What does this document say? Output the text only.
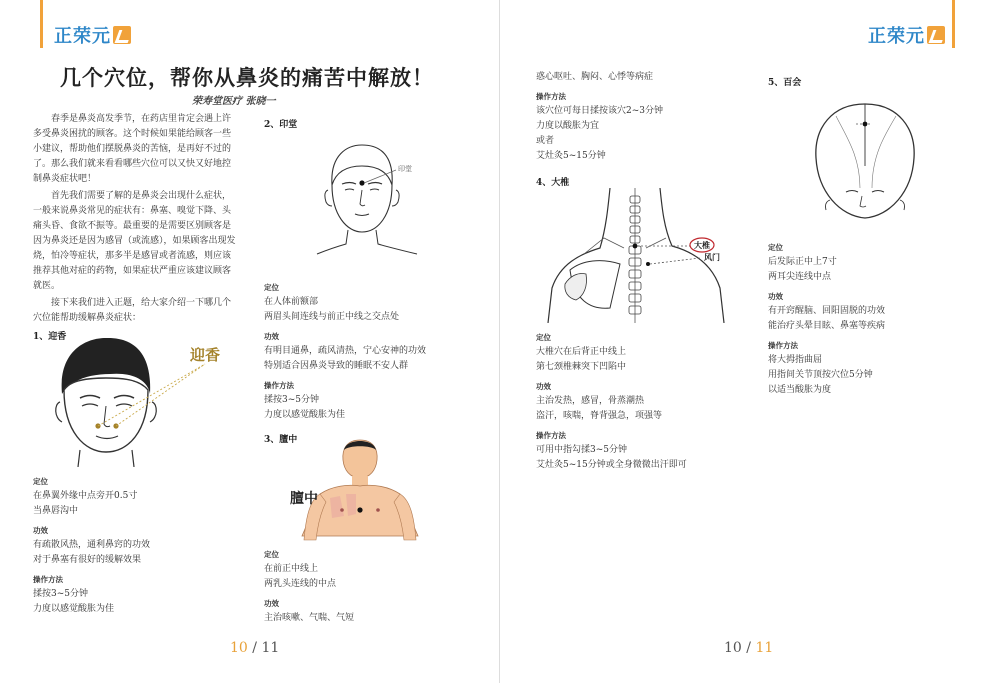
正荣元
几个穴位，帮你从鼻炎的痛苦中解放！
荣寿堂医疗 张晓一

春季是鼻炎高发季节，在药店里肯定会遇上许多受鼻炎困扰的顾客。这个时候如果能给顾客一些小建议，帮助他们摆脱鼻炎的苦恼，是再好不过的了。那么我们就来看看哪些穴位可以又快又好地控制鼻炎症状吧！

首先我们需要了解的是鼻炎会出现什么症状，一般来说鼻炎常见的症状有：鼻塞、嗅觉下降、头痛头昏、食欲不振等。最重要的是需要区别顾客是因为鼻炎还是因为感冒（或流感），如果顾客出现发烧，怕冷等症状，那多半是感冒或者流感，则应该推荐其他对症的药物，如果症状严重应该建议顾客就医。

接下来我们进入正题，给大家介绍一下哪几个穴位能帮助缓解鼻炎症状：

1、迎香
迎香
定位
在鼻翼外缘中点旁开0.5寸
当鼻唇沟中
功效
有疏散风热，通利鼻窍的功效
对于鼻塞有很好的缓解效果
操作方法
揉按3~5分钟
力度以感觉酸胀为佳
2、印堂
印堂
定位
在人体前额部
两眉头间连线与前正中线之交点处
功效
有明目通鼻，疏风清热，宁心安神的功效
特别适合因鼻炎导致的睡眠不安人群
操作方法
揉按3~5分钟
力度以感觉酸胀为佳
3、膻中
膻中
定位
在前正中线上
两乳头连线的中点
功效
主治咳嗽、气喘、气短
10 / 11
正荣元
惑心呕吐、胸闷、心悸等病症
操作方法
该穴位可每日揉按该穴2~3分钟
力度以酸胀为宜
或者
艾灶灸5~15分钟
4、大椎
大椎
风门
定位
大椎穴在后背正中线上
第七颈椎棘突下凹陷中
功效
主治发热，感冒，骨蒸潮热
盗汗，咳喘，脊背强急，项强等
操作方法
可用中指勾揉3~5分钟
艾灶灸5~15分钟或全身微微出汗即可
5、百会
定位
后发际正中上7寸
两耳尖连线中点
功效
有开窍醒脑、回阳固脱的功效
能治疗头晕目眩、鼻塞等疾病
操作方法
将大拇指曲屈
用指间关节顶按穴位5分钟
以适当酸胀为度
10 / 11
